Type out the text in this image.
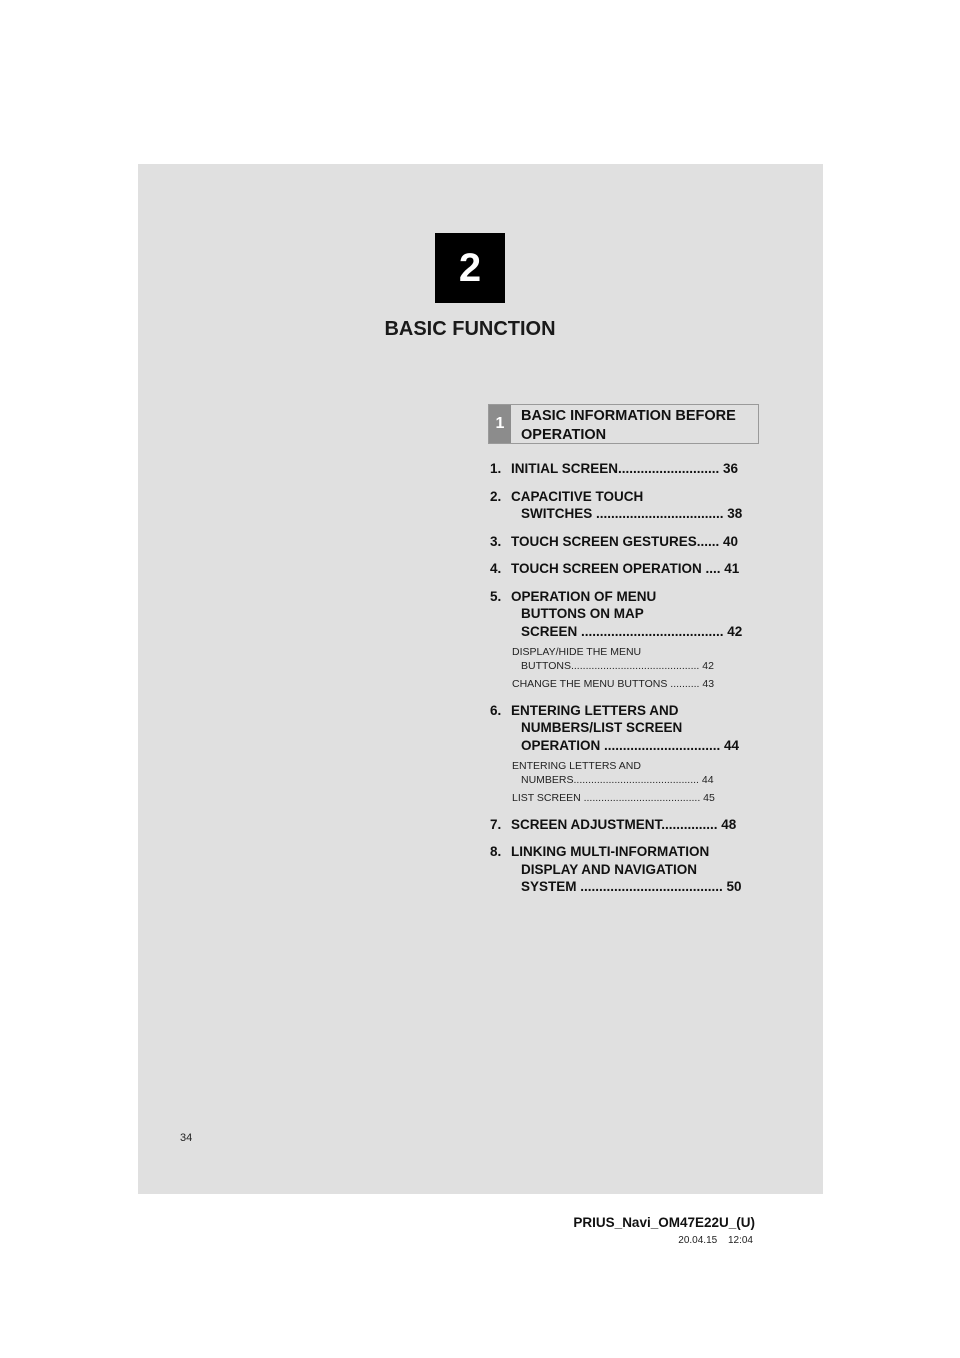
2
BASIC FUNCTION
1	BASIC INFORMATION BEFORE
OPERATION
1. INITIAL SCREEN........................... 36
2. CAPACITIVE TOUCH
SWITCHES .................................. 38
3. TOUCH SCREEN GESTURES...... 40
4. TOUCH SCREEN OPERATION .... 41
5. OPERATION OF MENU
BUTTONS ON MAP
SCREEN ...................................... 42
DISPLAY/HIDE THE MENU
BUTTONS............................................ 42
CHANGE THE MENU BUTTONS .......... 43
6. ENTERING LETTERS AND
NUMBERS/LIST SCREEN
OPERATION ............................... 44
ENTERING LETTERS AND
NUMBERS........................................... 44
LIST SCREEN ........................................ 45
7. SCREEN ADJUSTMENT............... 48
8. LINKING MULTI-INFORMATION
DISPLAY AND NAVIGATION
SYSTEM ...................................... 50
34
PRIUS_Navi_OM47E22U_(U)
20.04.15 12:04
